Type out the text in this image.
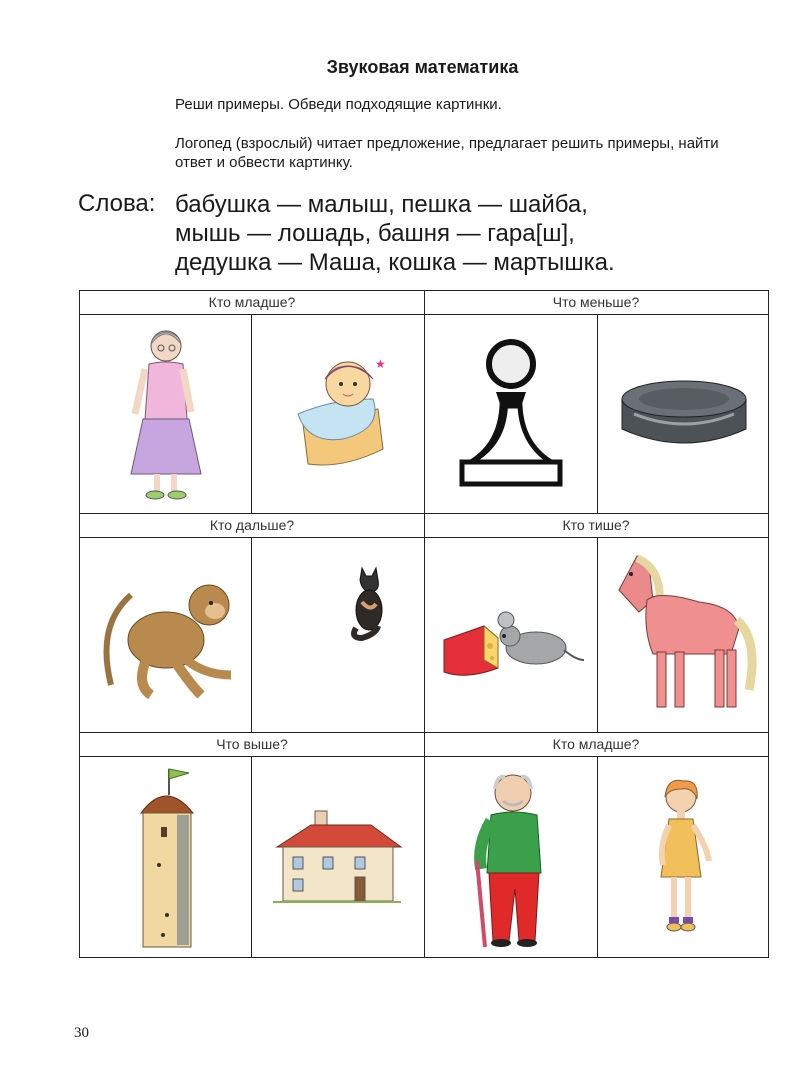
Звуковая математика
Реши примеры. Обведи подходящие картинки.
Логопед (взрослый) читает предложение, предлагает решить примеры, найти ответ и обвести картинку.
Слова: бабушка — малыш, пешка — шайба,
мышь — лошадь, башня — гара[ш],
дедушка — Маша, кошка — мартышка.
Кто младше?	Что меньше?
Кто дальше?	Кто тише?
Что выше?	Кто младше?
★
30
